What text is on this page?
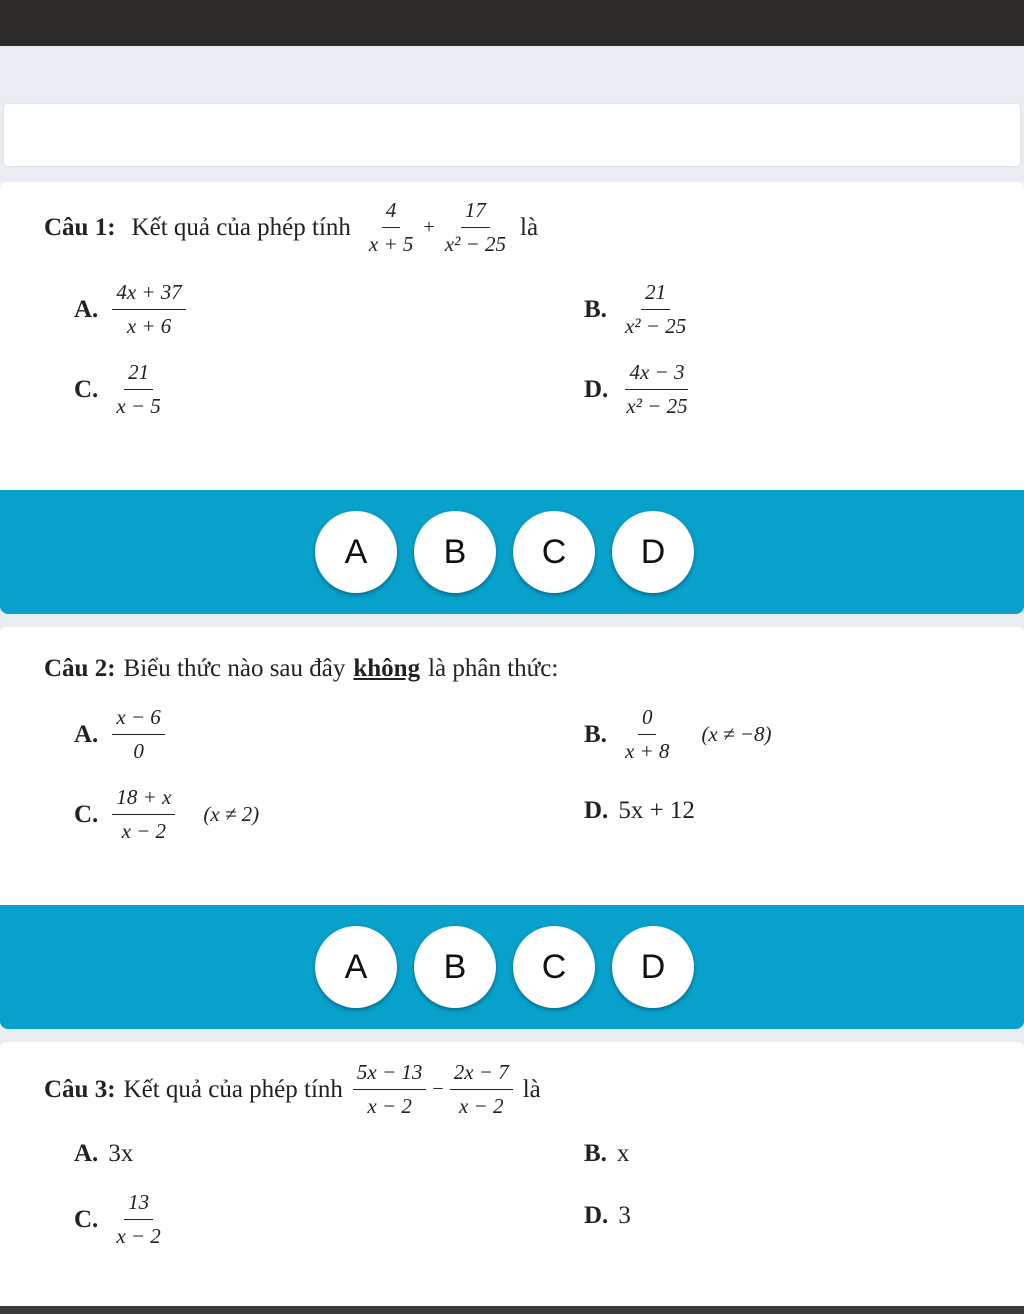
Câu 1: Kết quả của phép tính $\frac{4}{x + 5} + \frac{17}{\text{x² − 25}}$ là
A. $\frac{4x + 37}{x + 6}$	B. $\frac{21}{\text{x² − 25}}$
C. $\frac{21}{x - 5}$	D. $\frac{4x - 3}{\text{x² − 25}}$
A	B	C	D
Câu 2: Biểu thức nào sau đây không là phân thức:
A. $\frac{x - 6}{0}$	B. $\frac{0}{x + 8} (x \ne -8)$
C. $\frac{18 + x}{x - 2} (x \ne 2)$	D. 5x + 12
A	B	C	D
Câu 3: Kết quả của phép tính $\frac{5x - 13}{x - 2} - \frac{2x - 7}{x - 2}$ là
A. 3x	B. x
C. $\frac{13}{x - 2}$	D. 3
